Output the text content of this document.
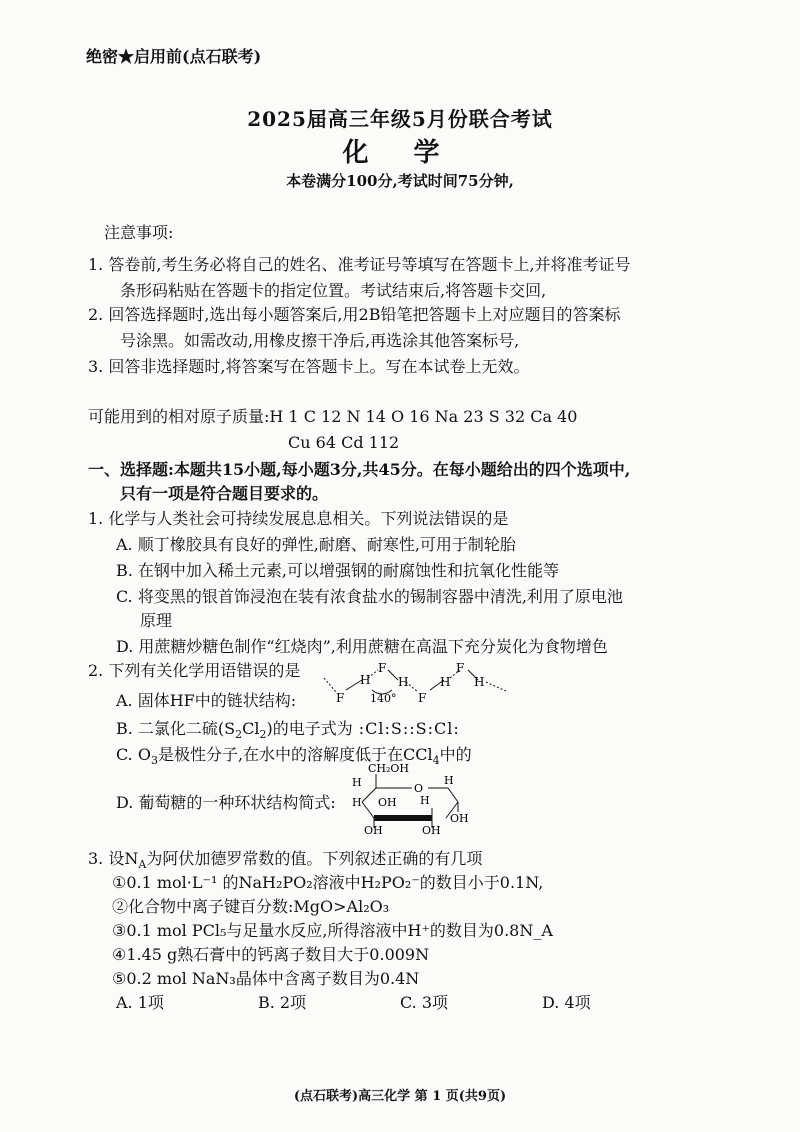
绝密★启用前(点石联考)
2025届高三年级5月份联合考试
化 学
本卷满分100分,考试时间75分钟,
注意事项:
1. 答卷前,考生务必将自己的姓名、准考证号等填写在答题卡上,并将准考证号
条形码粘贴在答题卡的指定位置。考试结束后,将答题卡交回,
2. 回答选择题时,选出每小题答案后,用2B铅笔把答题卡上对应题目的答案标
号涂黑。如需改动,用橡皮擦干净后,再选涂其他答案标号,
3. 回答非选择题时,将答案写在答题卡上。写在本试卷上无效。
可能用到的相对原子质量:H 1 C 12 N 14 O 16 Na 23 S 32 Ca 40
Cu 64 Cd 112
一、选择题:本题共15小题,每小题3分,共45分。在每小题给出的四个选项中,
只有一项是符合题目要求的。
1. 化学与人类社会可持续发展息息相关。下列说法错误的是
A. 顺丁橡胶具有良好的弹性,耐磨、耐寒性,可用于制轮胎
B. 在钢中加入稀土元素,可以增强钢的耐腐蚀性和抗氧化性能等
C. 将变黑的银首饰浸泡在装有浓食盐水的锡制容器中清洗,利用了原电池
原理
D. 用蔗糖炒糖色制作“红烧肉”,利用蔗糖在高温下充分炭化为食物增色
2. 下列有关化学用语错误的是
A. 固体HF中的链状结构:	F
H
F
140°
H
F
H
F
H
B. 二氯化二硫$(S_2Cl_2)$的电子式为 :Cl:S::S:Cl:
C. $O_3$是极性分子,在水中的溶解度低于在CCl$_4$中的
D. 葡萄糖的一种环状结构简式:
CH₂OH
H	O
H
H OH H
OH
OH	OH
3. 设$N_A$为阿伏加德罗常数的值。下列叙述正确的有几项
①0.1 mol·L⁻¹ 的NaH₂PO₂溶液中H₂PO₂⁻的数目小于0.1N,
②化合物中离子键百分数:MgO>Al₂O₃
③0.1 mol PCl₅与足量水反应,所得溶液中H⁺的数目为0.8N_A
④1.45 g熟石膏中的钙离子数目大于0.009N
⑤0.2 mol NaN₃晶体中含离子数目为0.4N
A. 1项	B. 2项	C. 3项	D. 4项
(点石联考)高三化学 第 1 页(共9页)
